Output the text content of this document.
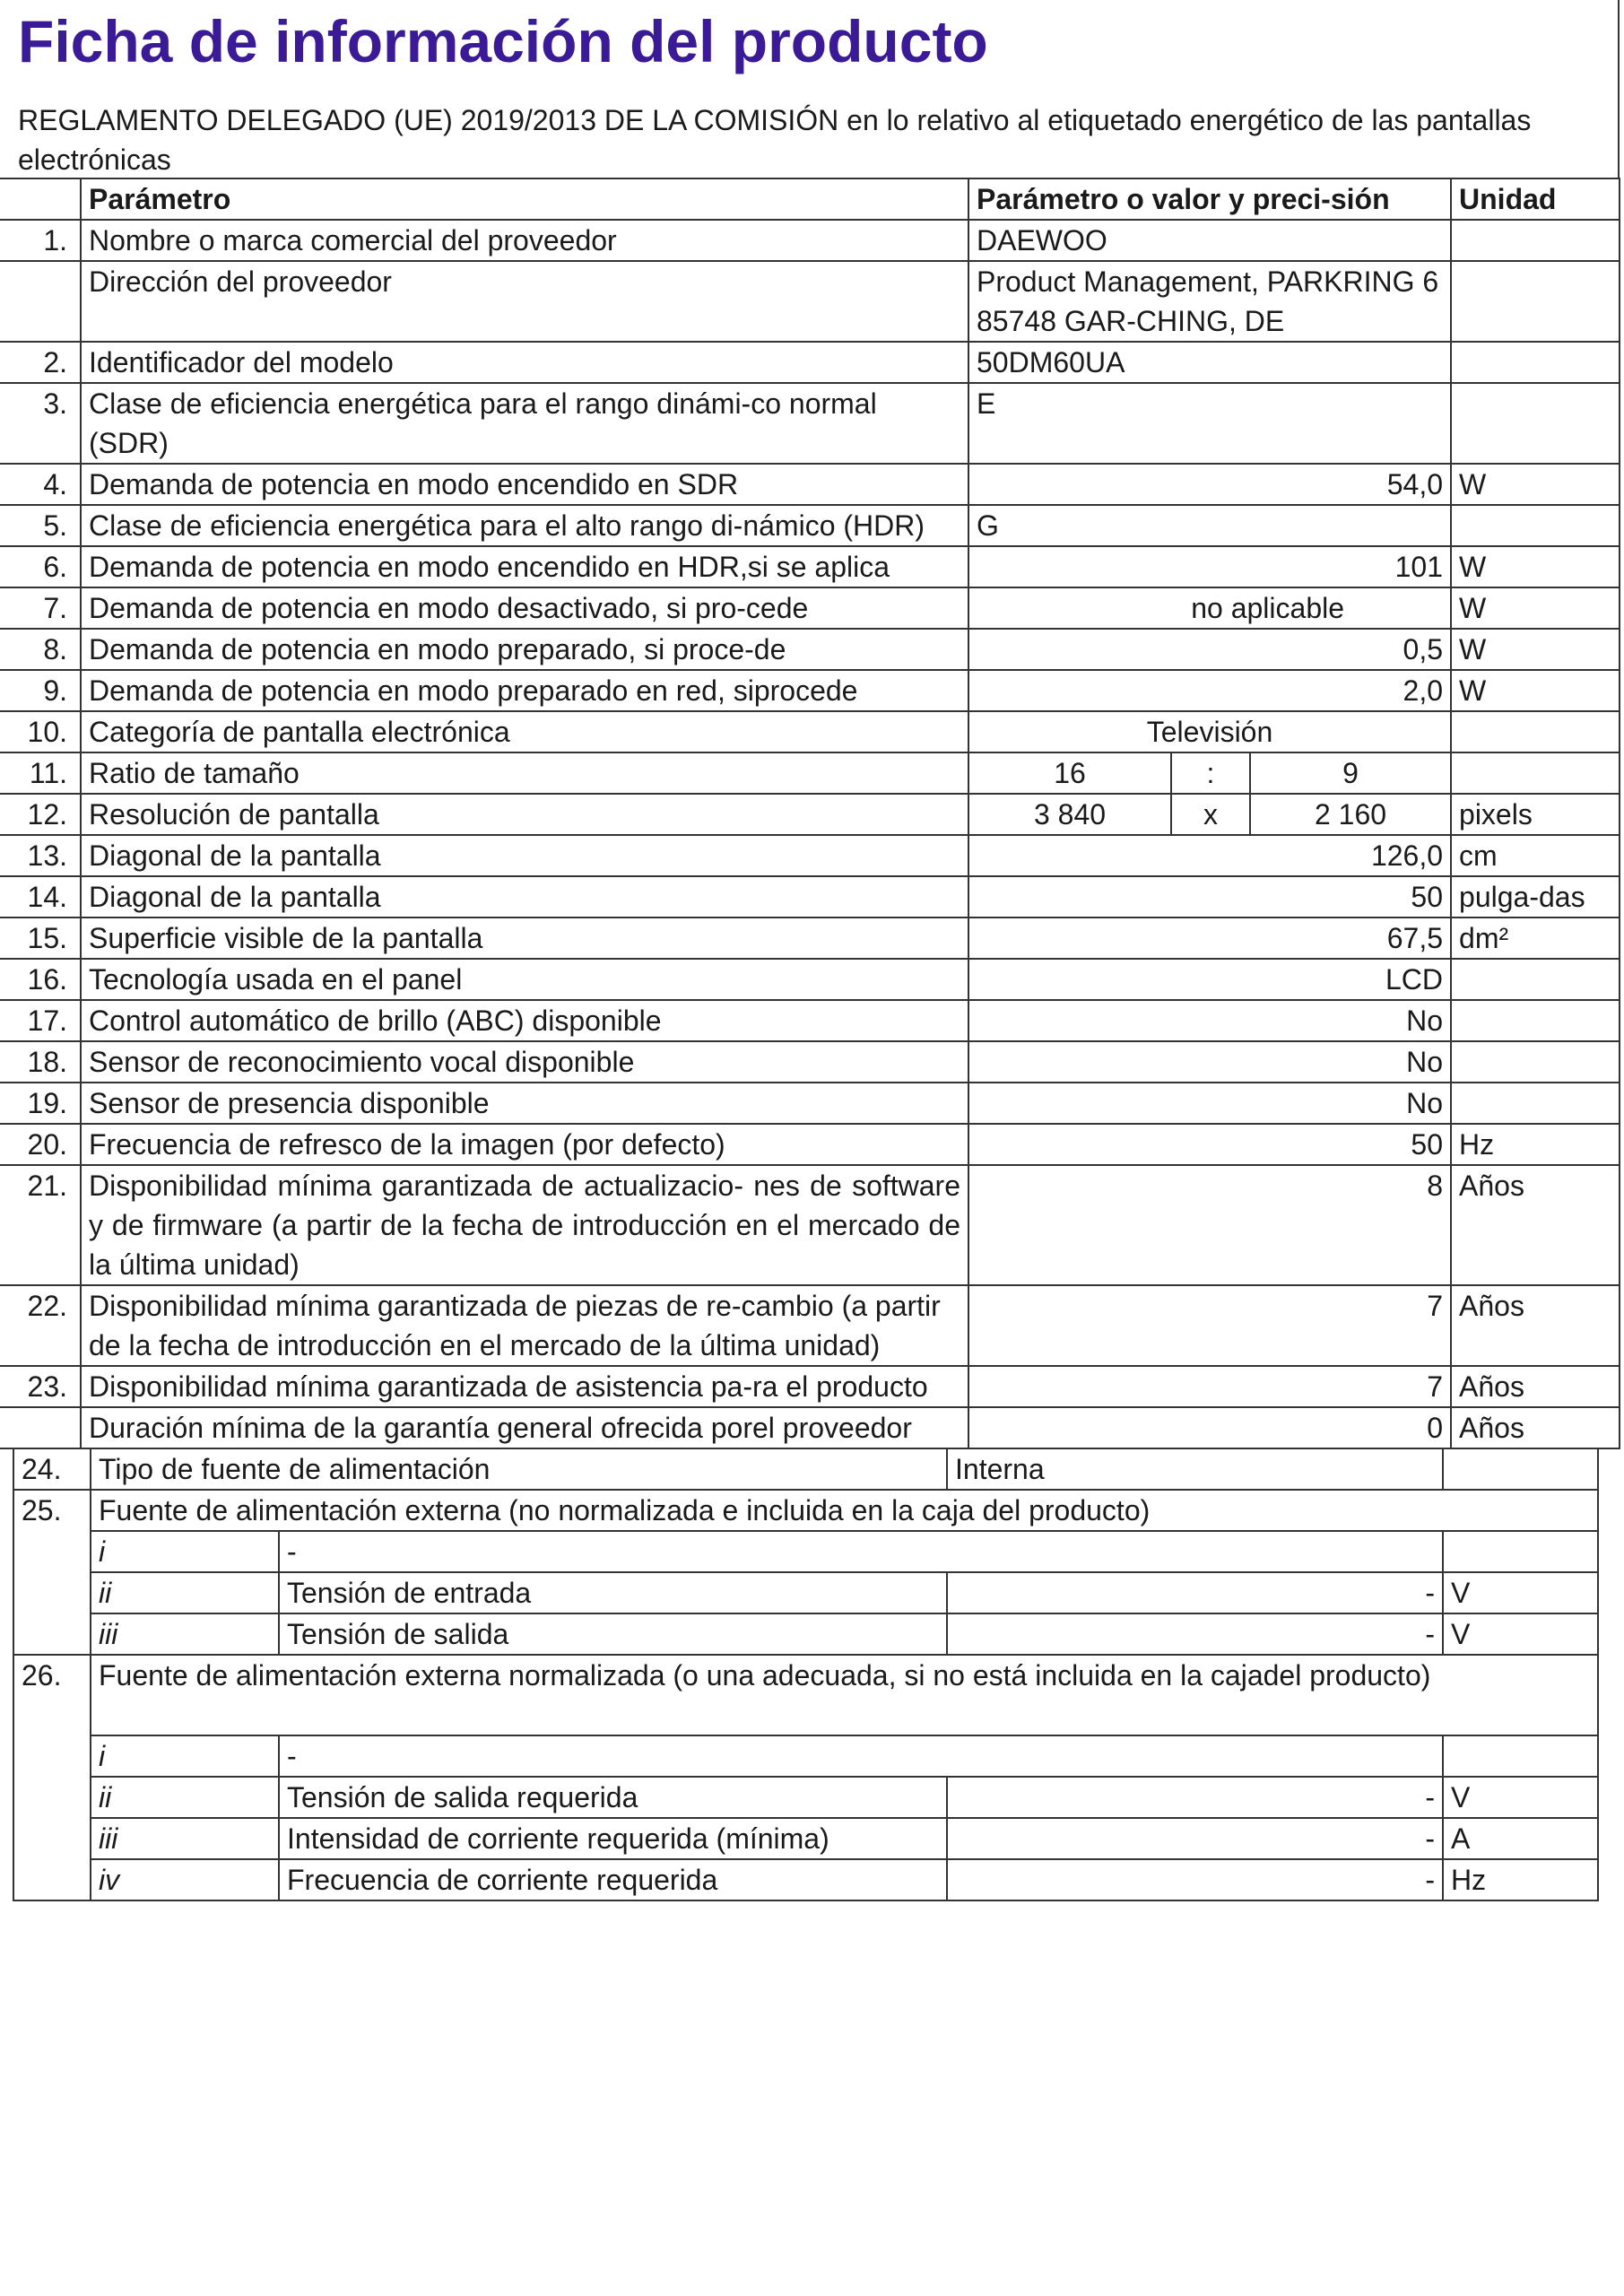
Ficha de información del producto
REGLAMENTO DELEGADO (UE) 2019/2013 DE LA COMISIÓN en lo relativo al etiquetado energético de las pantallas electrónicas
	Parámetro	Parámetro o valor y preci-sión			Unidad
1.	Nombre o marca comercial del proveedor	DAEWOO			
	Dirección del proveedor	Product Management, PARKRING 6 85748 GAR-CHING, DE			
2.	Identificador del modelo	50DM60UA			
3.	Clase de eficiencia energética para el rango dinámi-co normal (SDR)	E			
4.	Demanda de potencia en modo encendido en SDR	54,0			W
5.	Clase de eficiencia energética para el alto rango di-námico (HDR)	G			
6.	Demanda de potencia en modo encendido en HDR,si se aplica	101			W
7.	Demanda de potencia en modo desactivado, si pro-cede	no aplicable			W
8.	Demanda de potencia en modo preparado, si proce-de	0,5			W
9.	Demanda de potencia en modo preparado en red, siprocede	2,0			W
10.	Categoría de pantalla electrónica	Televisión			
11.	Ratio de tamaño	16	:	9	
12.	Resolución de pantalla	3 840	x	2 160	pixels
13.	Diagonal de la pantalla	126,0			cm
14.	Diagonal de la pantalla	50			pulga-das
15.	Superficie visible de la pantalla	67,5			dm²
16.	Tecnología usada en el panel	LCD			
17.	Control automático de brillo (ABC) disponible	No			
18.	Sensor de reconocimiento vocal disponible	No			
19.	Sensor de presencia disponible	No			
20.	Frecuencia de refresco de la imagen (por defecto)	50			Hz
21.	Disponibilidad mínima garantizada de actualizacio- nes de software y de firmware (a partir de la fecha de introducción en el mercado de la última unidad)	8			Años
22.	Disponibilidad mínima garantizada de piezas de re-cambio (a partir de la fecha de introducción en el mercado de la última unidad)	7			Años
23.	Disponibilidad mínima garantizada de asistencia pa-ra el producto	7			Años
	Duración mínima de la garantía general ofrecida porel proveedor	0			Años
24.	Tipo de fuente de alimentación		Interna	
25.	Fuente de alimentación externa (no normalizada e incluida en la caja del producto)			
	i	-		
	ii	Tensión de entrada	-	V
	iii	Tensión de salida	-	V
26.	Fuente de alimentación externa normalizada (o una adecuada, si no está incluida en la cajadel producto)			
	i	-		
	ii	Tensión de salida requerida	-	V
	iii	Intensidad de corriente requerida (mínima)	-	A
	iv	Frecuencia de corriente requerida	-	Hz
